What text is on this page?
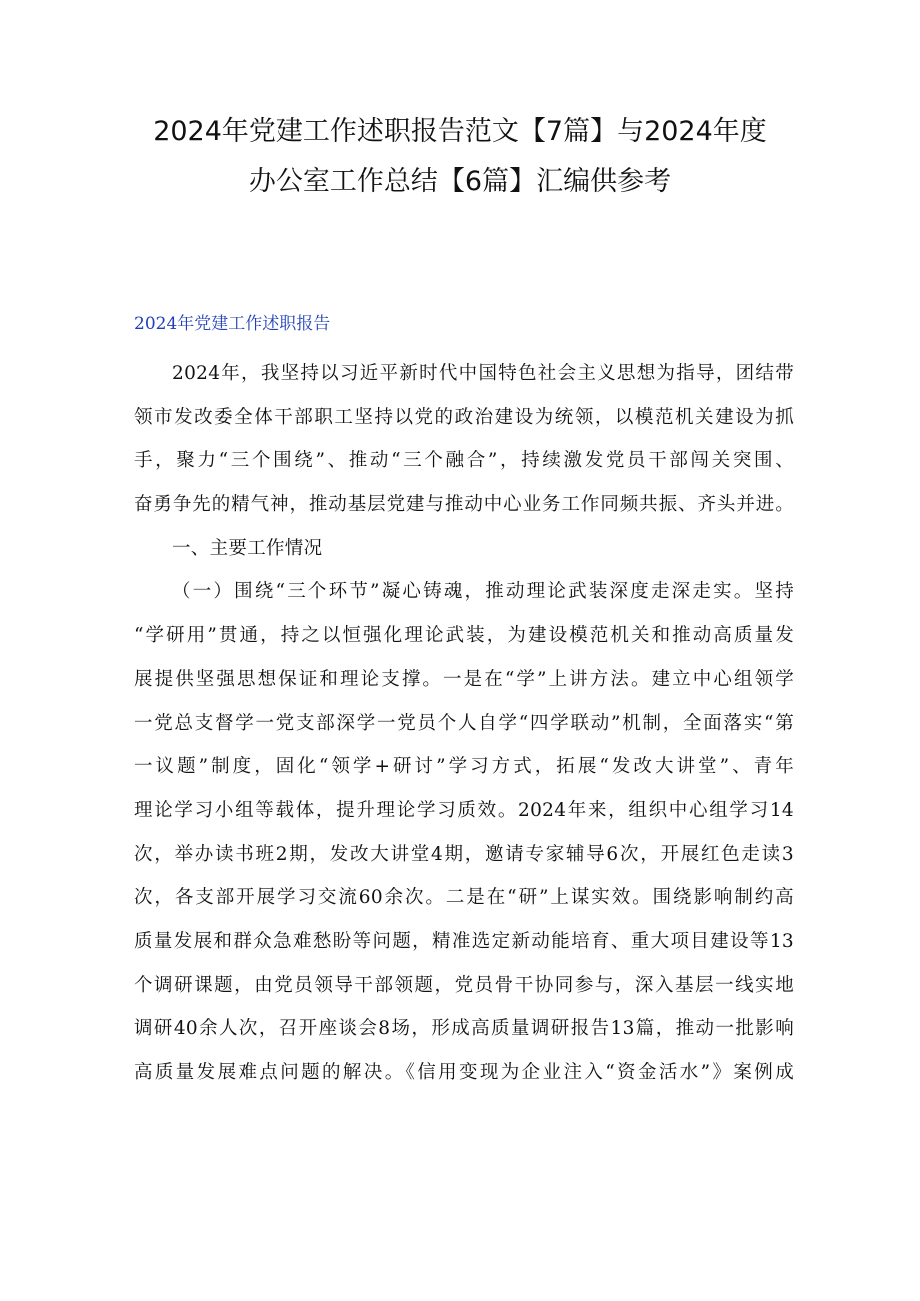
2024年党建工作述职报告范文【7篇】与2024年度
办公室工作总结【6篇】汇编供参考
2024年党建工作述职报告
2024年，我坚持以习近平新时代中国特色社会主义思想为指导，团结带
领市发改委全体干部职工坚持以党的政治建设为统领，以模范机关建设为抓
手，聚力“三个围绕”、推动“三个融合”，持续激发党员干部闯关突围、
奋勇争先的精气神，推动基层党建与推动中心业务工作同频共振、齐头并进。
一、主要工作情况
（一）围绕“三个环节”凝心铸魂，推动理论武装深度走深走实。坚持
“学研用”贯通，持之以恒强化理论武装，为建设模范机关和推动高质量发
展提供坚强思想保证和理论支撑。一是在“学”上讲方法。建立中心组领学
一党总支督学一党支部深学一党员个人自学“四学联动”机制，全面落实“第
一议题”制度，固化“领学+研讨”学习方式，拓展“发改大讲堂”、青年
理论学习小组等载体，提升理论学习质效。2024年来，组织中心组学习14
次，举办读书班2期，发改大讲堂4期，邀请专家辅导6次，开展红色走读3
次，各支部开展学习交流60余次。二是在“研”上谋实效。围绕影响制约高
质量发展和群众急难愁盼等问题，精准选定新动能培育、重大项目建设等13
个调研课题，由党员领导干部领题，党员骨干协同参与，深入基层一线实地
调研40余人次，召开座谈会8场，形成高质量调研报告13篇，推动一批影响
高质量发展难点问题的解决。《信用变现为企业注入“资金活水”》案例成
